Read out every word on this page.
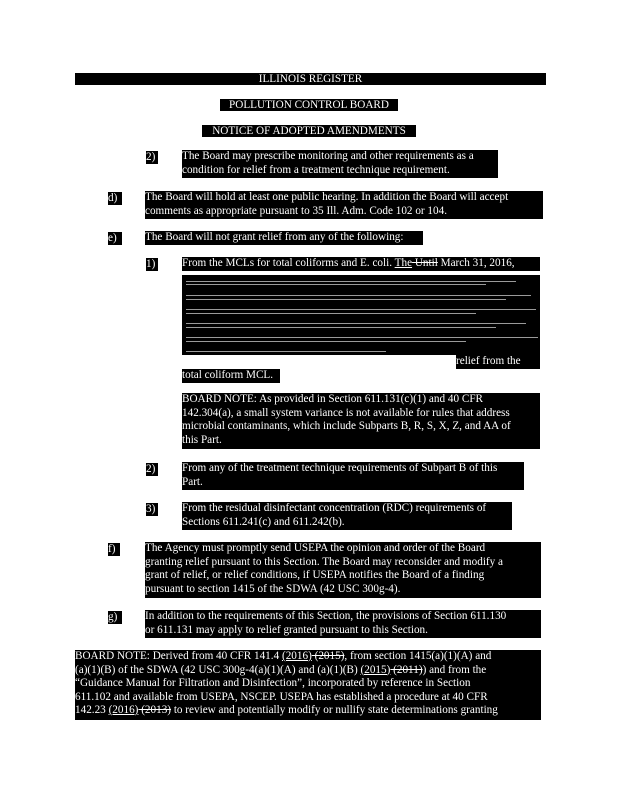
ILLINOIS REGISTER
POLLUTION CONTROL BOARD
NOTICE OF ADOPTED AMENDMENTS
2) The Board may prescribe monitoring and other requirements as a
condition for relief from a treatment technique requirement.
d)	The Board will hold at least one public hearing. In addition the Board will accept
comments as appropriate pursuant to 35 Ill. Adm. Code 102 or 104.
e)	The Board will not grant relief from any of the following:
1) From the MCLs for total coliforms and E. coli. The Until March 31, 2016,
relief from the
total coliform MCL.
BOARD NOTE: As provided in Section 611.131(c)(1) and 40 CFR
142.304(a), a small system variance is not available for rules that address
microbial contaminants, which include Subparts B, R, S, X, Z, and AA of
this Part.
2) From any of the treatment technique requirements of Subpart B of this
Part.
3) From the residual disinfectant concentration (RDC) requirements of
Sections 611.241(c) and 611.242(b).
f)	The Agency must promptly send USEPA the opinion and order of the Board
granting relief pursuant to this Section. The Board may reconsider and modify a
grant of relief, or relief conditions, if USEPA notifies the Board of a finding
pursuant to section 1415 of the SDWA (42 USC 300g-4).
g)	In addition to the requirements of this Section, the provisions of Section 611.130
or 611.131 may apply to relief granted pursuant to this Section.
BOARD NOTE: Derived from 40 CFR 141.4 (2016) (2015), from section 1415(a)(1)(A) and
(a)(1)(B) of the SDWA (42 USC 300g-4(a)(1)(A) and (a)(1)(B) (2015) (2011)) and from the
“Guidance Manual for Filtration and Disinfection”, incorporated by reference in Section
611.102 and available from USEPA, NSCEP. USEPA has established a procedure at 40 CFR
142.23 (2016) (2013) to review and potentially modify or nullify state determinations granting
